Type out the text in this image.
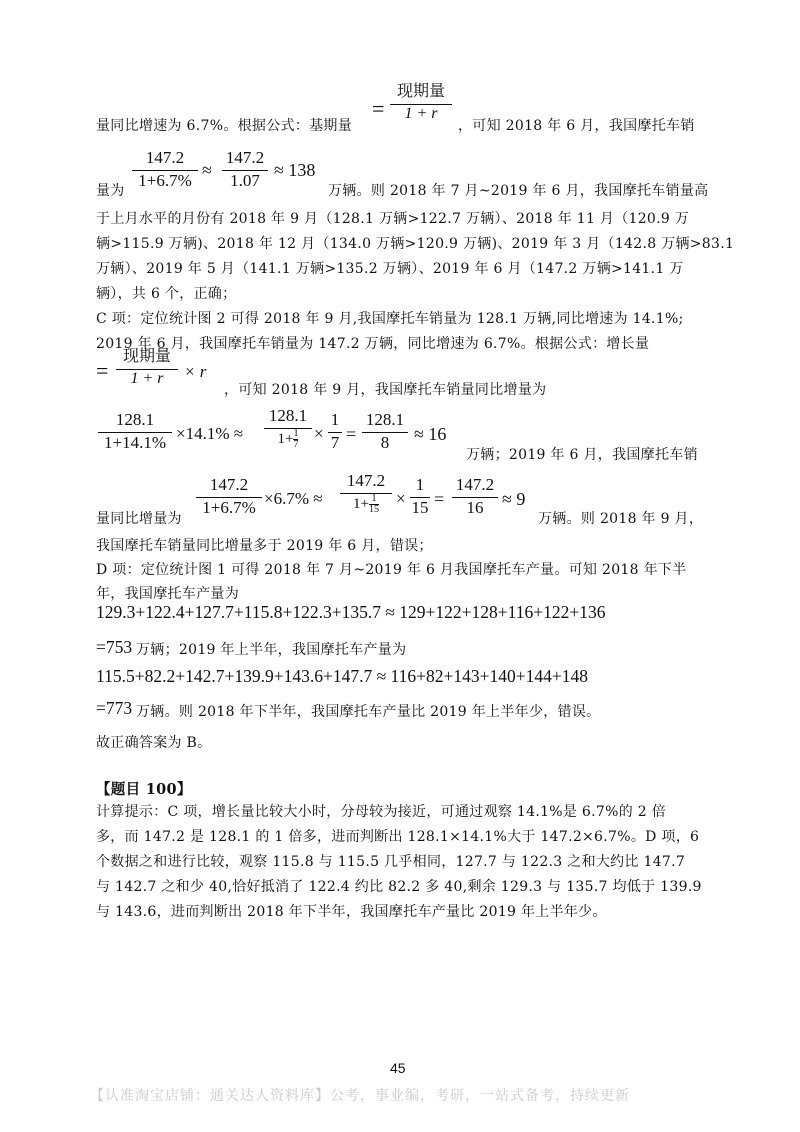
=
现期量
1 + r
量同比增速为 6.7%。根据公式：基期量	，可知 2018 年 6 月，我国摩托车销
147.2
1+6.7%
≈
147.2
1.07
≈ 138
量为	万辆。则 2018 年 7 月~2019 年 6 月，我国摩托车销量高
于上月水平的月份有 2018 年 9 月（128.1 万辆>122.7 万辆）、2018 年 11 月（120.9 万
辆>115.9 万辆)、2018 年 12 月（134.0 万辆>120.9 万辆)、2019 年 3 月（142.8 万辆>83.1
万辆）、2019 年 5 月（141.1 万辆>135.2 万辆）、2019 年 6 月（147.2 万辆>141.1 万
辆），共 6 个，正确；
C 项：定位统计图 2 可得 2018 年 9 月,我国摩托车销量为 128.1 万辆,同比增速为 14.1%;
2019 年 6 月，我国摩托车销量为 147.2 万辆，同比增速为 6.7%。根据公式：增长量
=
现期量
1 + r	× r
，可知 2018 年 9 月，我国摩托车销量同比增量为
128.1
1+14.1% ×14.1% ≈
128.1
$1+ \frac{1}{7}$ ×
1
7 =
128.1
8	≈ 16
万辆；2019 年 6 月，我国摩托车销
147.2
1+6.7% ×6.7% ≈
147.2
$1+ \frac{1}{15}$ ×
1
15 =
147.2
16	≈ 9
量同比增量为	万辆。则 2018 年 9 月，
我国摩托车销量同比增量多于 2019 年 6 月，错误；
D 项：定位统计图 1 可得 2018 年 7 月~2019 年 6 月我国摩托车产量。可知 2018 年下半
年，我国摩托车产量为
129.3+122.4+127.7+115.8+122.3+135.7 ≈ 129+122+128+116+122+136
=753 万辆；2019 年上半年，我国摩托车产量为
115.5+82.2+142.7+139.9+143.6+147.7 ≈ 116+82+143+140+144+148
=773 万辆。则 2018 年下半年，我国摩托车产量比 2019 年上半年少，错误。
故正确答案为 B。
【题目 100】
计算提示：C 项，增长量比较大小时，分母较为接近，可通过观察 14.1%是 6.7%的 2 倍
多，而 147.2 是 128.1 的 1 倍多，进而判断出 128.1×14.1%大于 147.2×6.7%。D 项，6
个数据之和进行比较，观察 115.8 与 115.5 几乎相同，127.7 与 122.3 之和大约比 147.7
与 142.7 之和少 40,恰好抵消了 122.4 约比 82.2 多 40,剩余 129.3 与 135.7 均低于 139.9
与 143.6，进而判断出 2018 年下半年，我国摩托车产量比 2019 年上半年少。
45
【认准淘宝店铺：通关达人资料库】公考，事业编，考研，一站式备考，持续更新
